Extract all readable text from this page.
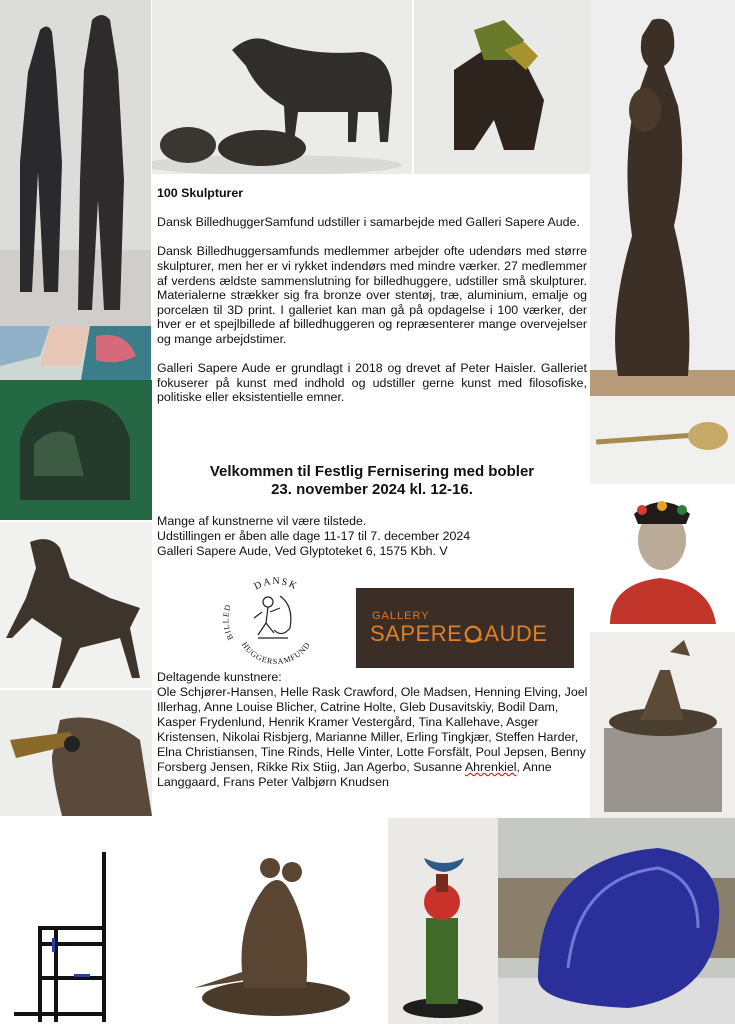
100 Skulpturer

Dansk BilledhuggerSamfund udstiller i samarbejde med Galleri Sapere Aude.

Dansk Billedhuggersamfunds medlemmer arbejder ofte udendørs med større skulpturer, men her er vi rykket indendørs med mindre værker. 27 medlemmer af verdens ældste sammenslutning for billedhuggere, udstiller små skulpturer. Materialerne strækker sig fra bronze over stentøj, træ, aluminium, emalje og porcelæn til 3D print. I galleriet kan man gå på opdagelse i 100 værker, der hver er et spejlbillede af billedhuggeren og repræsenterer mange overvejelser og mange arbejdstimer.

Galleri Sapere Aude er grundlagt i 2018 og drevet af Peter Haisler. Galleriet fokuserer på kunst med indhold og udstiller gerne kunst med filosofiske, politiske eller eksistentielle emner.

Velkommen til Festlig Fernisering med bobler
23. november 2024 kl. 12-16.
Mange af kunstnerne vil være tilstede.
Udstillingen er åben alle dage 11-17 til 7. december 2024
Galleri Sapere Aude, Ved Glyptoteket 6, 1575 Kbh. V
DANSK
BILLED
HUGGERSAMFUND
GALLERY
SAPERE AUDE
Deltagende kunstnere:
Ole Schjører-Hansen, Helle Rask Crawford, Ole Madsen, Henning Elving, Joel Illerhag, Anne Louise Blicher, Catrine Holte, Gleb Dusavitskiy, Bodil Dam, Kasper Frydenlund, Henrik Kramer Vestergård, Tina Kallehave, Asger Kristensen, Nikolai Risbjerg, Marianne Miller, Erling Tingkjær, Steffen Harder, Elna Christiansen, Tine Rinds, Helle Vinter, Lotte Forsfält, Poul Jepsen, Benny Forsberg Jensen, Rikke Rix Stiig, Jan Agerbo, Susanne Ahrenkiel, Anne Langgaard, Frans Peter Valbjørn Knudsen
